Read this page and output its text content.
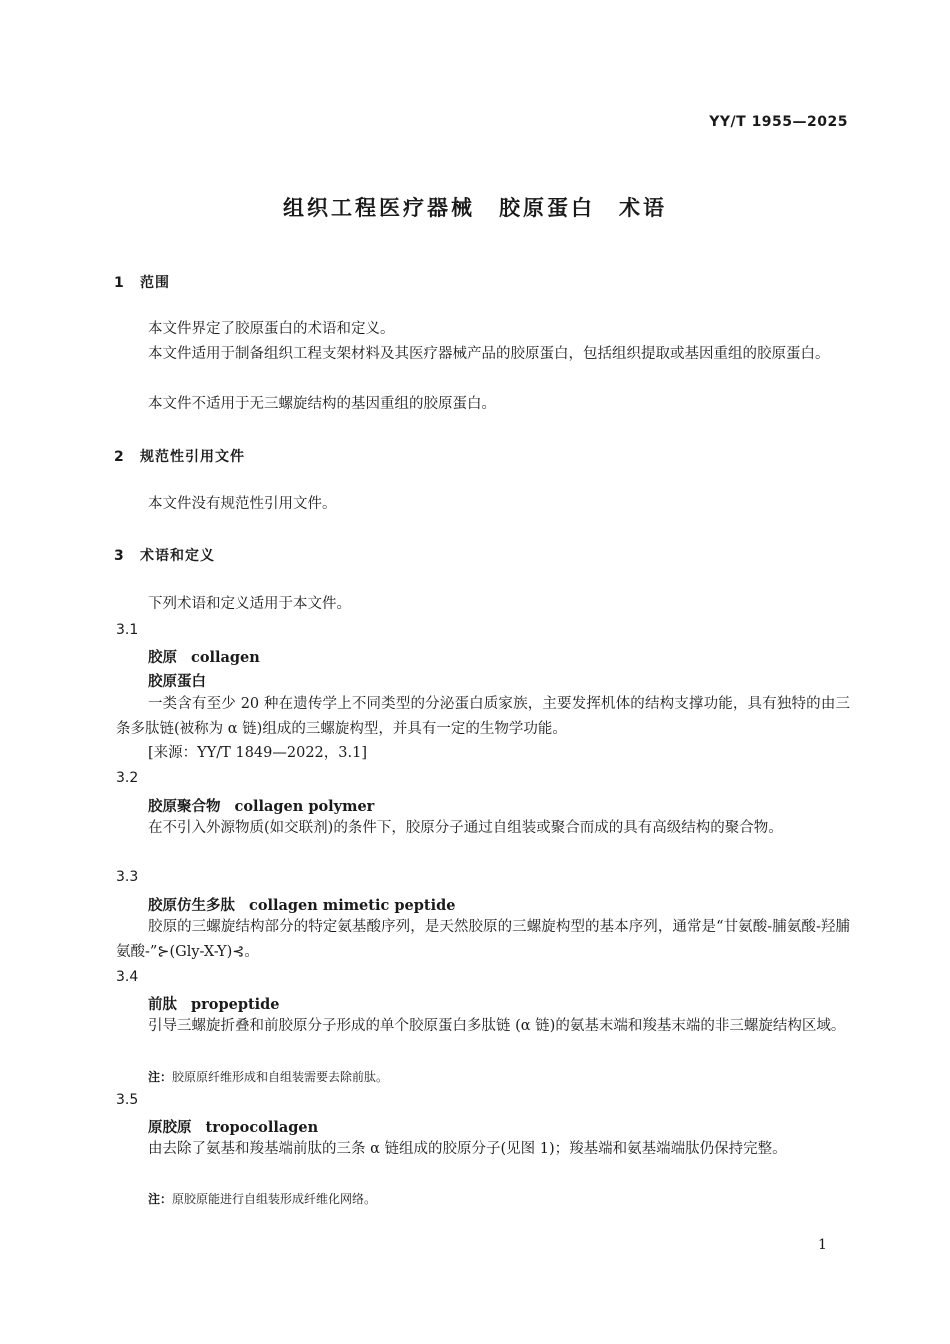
YY/T 1955—2025
组织工程医疗器械　胶原蛋白　术语
1 范围
本文件界定了胶原蛋白的术语和定义。
本文件适用于制备组织工程支架材料及其医疗器械产品的胶原蛋白，包括组织提取或基因重组的胶原蛋白。
本文件不适用于无三螺旋结构的基因重组的胶原蛋白。
2 规范性引用文件
本文件没有规范性引用文件。
3 术语和定义
下列术语和定义适用于本文件。
3.1
胶原 collagen
胶原蛋白
一类含有至少 20 种在遗传学上不同类型的分泌蛋白质家族，主要发挥机体的结构支撑功能，具有独特的由三条多肽链(被称为 α 链)组成的三螺旋构型，并具有一定的生物学功能。
[来源：YY/T 1849—2022，3.1]
3.2
胶原聚合物 collagen polymer
在不引入外源物质(如交联剂)的条件下，胶原分子通过自组装或聚合而成的具有高级结构的聚合物。
3.3
胶原仿生多肽 collagen mimetic peptide
胶原的三螺旋结构部分的特定氨基酸序列，是天然胶原的三螺旋构型的基本序列，通常是“甘氨酸-脯氨酸-羟脯氨酸-”⊱(Gly-X-Y)⊰。
3.4
前肽 propeptide
引导三螺旋折叠和前胶原分子形成的单个胶原蛋白多肽链 (α 链)的氨基末端和羧基末端的非三螺旋结构区域。
注：胶原原纤维形成和自组装需要去除前肽。
3.5
原胶原 tropocollagen
由去除了氨基和羧基端前肽的三条 α 链组成的胶原分子(见图 1)；羧基端和氨基端端肽仍保持完整。
注：原胶原能进行自组装形成纤维化网络。
1
